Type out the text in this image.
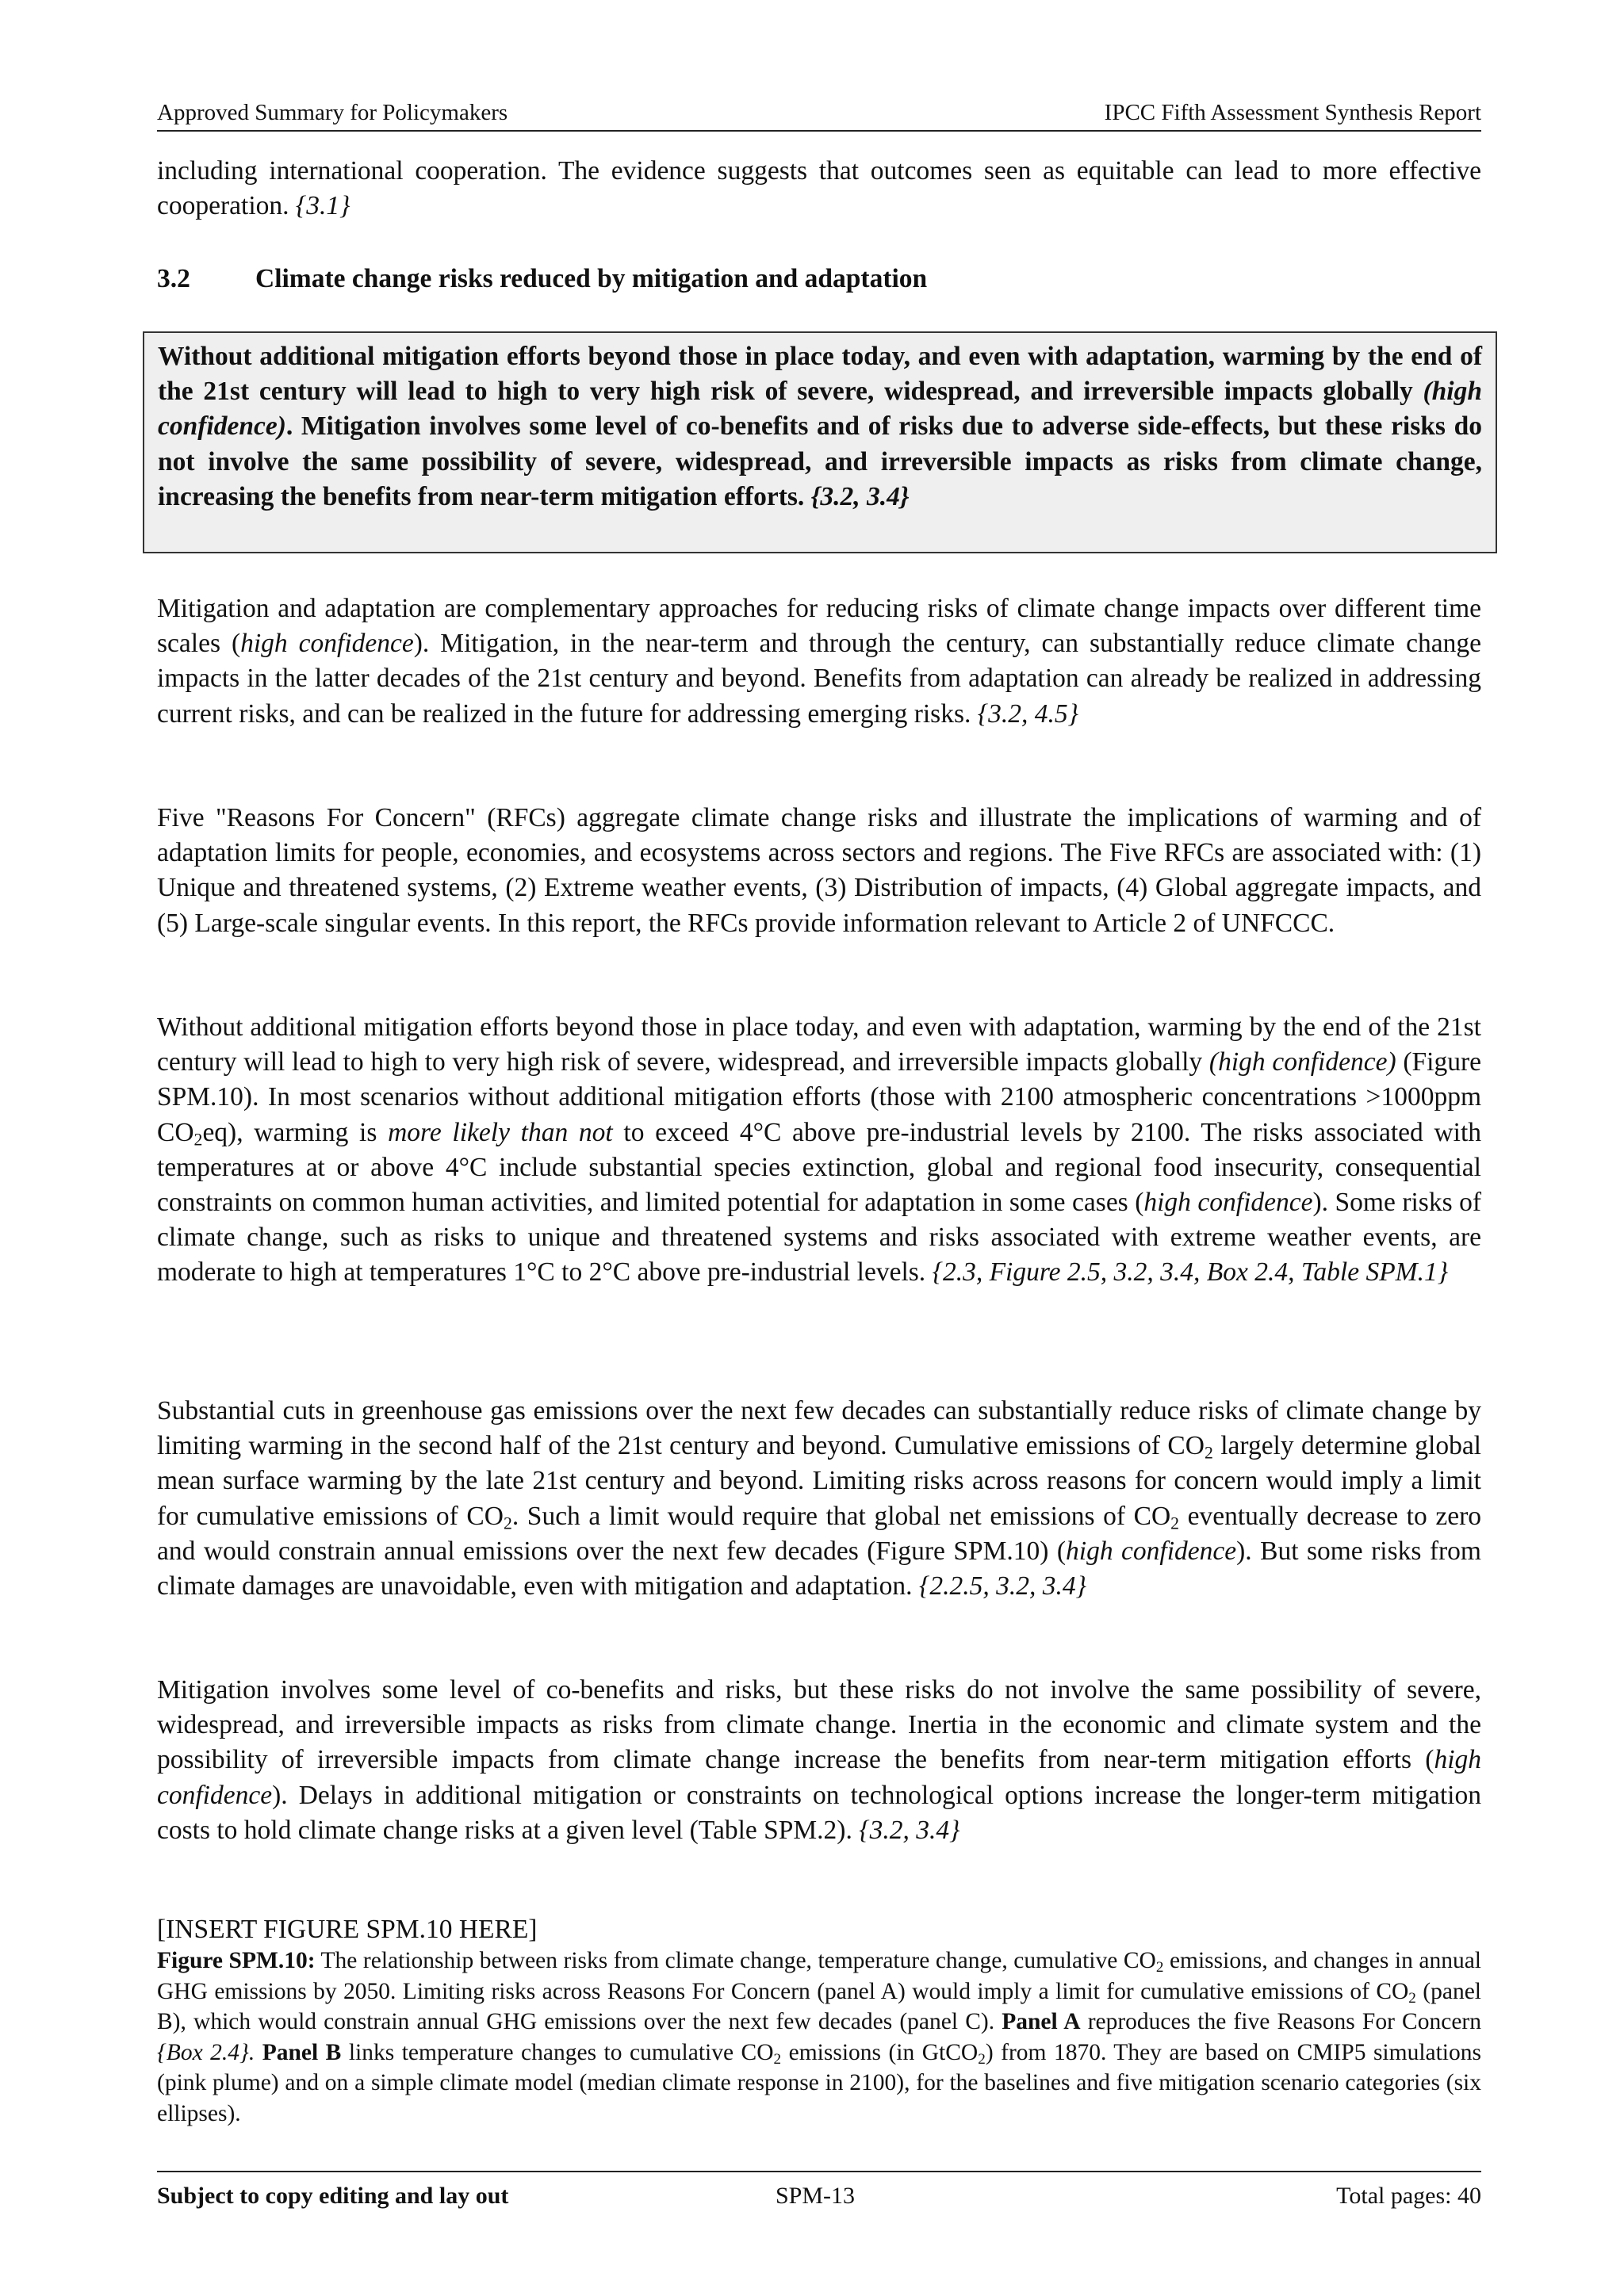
Approved Summary for Policymakers	IPCC Fifth Assessment Synthesis Report
including international cooperation. The evidence suggests that outcomes seen as equitable can lead to more effective cooperation. {3.1}
3.2 Climate change risks reduced by mitigation and adaptation
Without additional mitigation efforts beyond those in place today, and even with adaptation, warming by the end of the 21st century will lead to high to very high risk of severe, widespread, and irreversible impacts globally (high confidence). Mitigation involves some level of co-benefits and of risks due to adverse side-effects, but these risks do not involve the same possibility of severe, widespread, and irreversible impacts as risks from climate change, increasing the benefits from near-term mitigation efforts. {3.2, 3.4}
Mitigation and adaptation are complementary approaches for reducing risks of climate change impacts over different time scales (high confidence). Mitigation, in the near-term and through the century, can substantially reduce climate change impacts in the latter decades of the 21st century and beyond. Benefits from adaptation can already be realized in addressing current risks, and can be realized in the future for addressing emerging risks. {3.2, 4.5}
Five "Reasons For Concern" (RFCs) aggregate climate change risks and illustrate the implications of warming and of adaptation limits for people, economies, and ecosystems across sectors and regions. The Five RFCs are associated with: (1) Unique and threatened systems, (2) Extreme weather events, (3) Distribution of impacts, (4) Global aggregate impacts, and (5) Large-scale singular events. In this report, the RFCs provide information relevant to Article 2 of UNFCCC.
Without additional mitigation efforts beyond those in place today, and even with adaptation, warming by the end of the 21st century will lead to high to very high risk of severe, widespread, and irreversible impacts globally (high confidence) (Figure SPM.10). In most scenarios without additional mitigation efforts (those with 2100 atmospheric concentrations >1000ppm $CO_2eq$), warming is more likely than not to exceed 4°C above pre-industrial levels by 2100. The risks associated with temperatures at or above 4°C include substantial species extinction, global and regional food insecurity, consequential constraints on common human activities, and limited potential for adaptation in some cases (high confidence). Some risks of climate change, such as risks to unique and threatened systems and risks associated with extreme weather events, are moderate to high at temperatures 1°C to 2°C above pre-industrial levels. {2.3, Figure 2.5, 3.2, 3.4, Box 2.4, Table SPM.1}
Substantial cuts in greenhouse gas emissions over the next few decades can substantially reduce risks of climate change by limiting warming in the second half of the 21st century and beyond. Cumulative emissions of $CO_2$ largely determine global mean surface warming by the late 21st century and beyond. Limiting risks across reasons for concern would imply a limit for cumulative emissions of $CO_2$. Such a limit would require that global net emissions of $CO_2$ eventually decrease to zero and would constrain annual emissions over the next few decades (Figure SPM.10) (high confidence). But some risks from climate damages are unavoidable, even with mitigation and adaptation. {2.2.5, 3.2, 3.4}
Mitigation involves some level of co-benefits and risks, but these risks do not involve the same possibility of severe, widespread, and irreversible impacts as risks from climate change. Inertia in the economic and climate system and the possibility of irreversible impacts from climate change increase the benefits from near-term mitigation efforts (high confidence). Delays in additional mitigation or constraints on technological options increase the longer-term mitigation costs to hold climate change risks at a given level (Table SPM.2). {3.2, 3.4}
[INSERT FIGURE SPM.10 HERE]
Figure SPM.10: The relationship between risks from climate change, temperature change, cumulative $CO_2$ emissions, and changes in annual GHG emissions by 2050. Limiting risks across Reasons For Concern (panel A) would imply a limit for cumulative emissions of $CO_2$ (panel B), which would constrain annual GHG emissions over the next few decades (panel C). Panel A reproduces the five Reasons For Concern {Box 2.4}. Panel B links temperature changes to cumulative $CO_2$ emissions (in GtCO$_2$) from 1870. They are based on CMIP5 simulations (pink plume) and on a simple climate model (median climate response in 2100), for the baselines and five mitigation scenario categories (six ellipses).
Subject to copy editing and lay out	SPM-13	Total pages: 40
